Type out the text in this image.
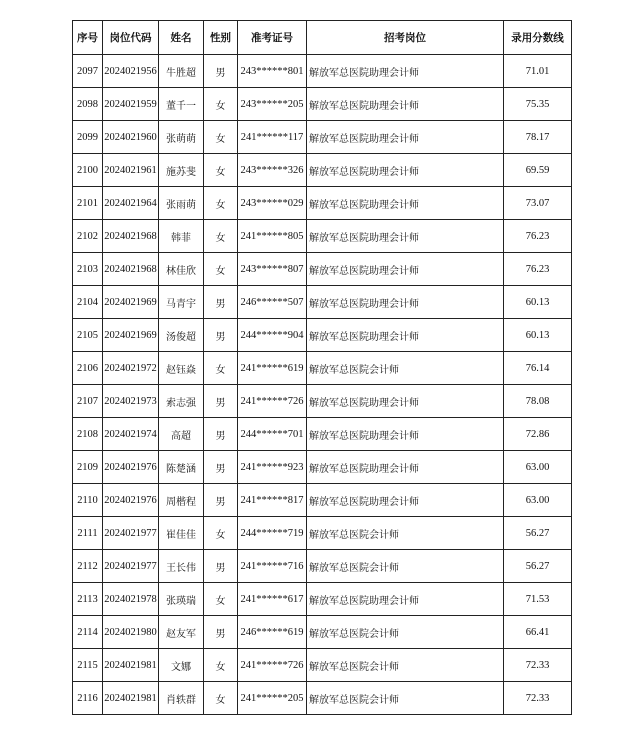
序号	岗位代码	姓名	性别	准考证号	招考岗位	录用分数线
2097	2024021956	牛胜超	男	243******801	解放军总医院助理会计师	71.01
2098	2024021959	董千一	女	243******205	解放军总医院助理会计师	75.35
2099	2024021960	张萌萌	女	241******117	解放军总医院助理会计师	78.17
2100	2024021961	施苏斐	女	243******326	解放军总医院助理会计师	69.59
2101	2024021964	张雨萌	女	243******029	解放军总医院助理会计师	73.07
2102	2024021968	韩菲	女	241******805	解放军总医院助理会计师	76.23
2103	2024021968	林佳欣	女	243******807	解放军总医院助理会计师	76.23
2104	2024021969	马青宇	男	246******507	解放军总医院助理会计师	60.13
2105	2024021969	汤俊超	男	244******904	解放军总医院助理会计师	60.13
2106	2024021972	赵钰焱	女	241******619	解放军总医院会计师	76.14
2107	2024021973	索志强	男	241******726	解放军总医院助理会计师	78.08
2108	2024021974	高超	男	244******701	解放军总医院助理会计师	72.86
2109	2024021976	陈楚涵	男	241******923	解放军总医院助理会计师	63.00
2110	2024021976	周楷程	男	241******817	解放军总医院助理会计师	63.00
2111	2024021977	崔佳佳	女	244******719	解放军总医院会计师	56.27
2112	2024021977	王长伟	男	241******716	解放军总医院会计师	56.27
2113	2024021978	张瑛瑞	女	241******617	解放军总医院助理会计师	71.53
2114	2024021980	赵友军	男	246******619	解放军总医院会计师	66.41
2115	2024021981	文娜	女	241******726	解放军总医院会计师	72.33
2116	2024021981	肖轶群	女	241******205	解放军总医院会计师	72.33
